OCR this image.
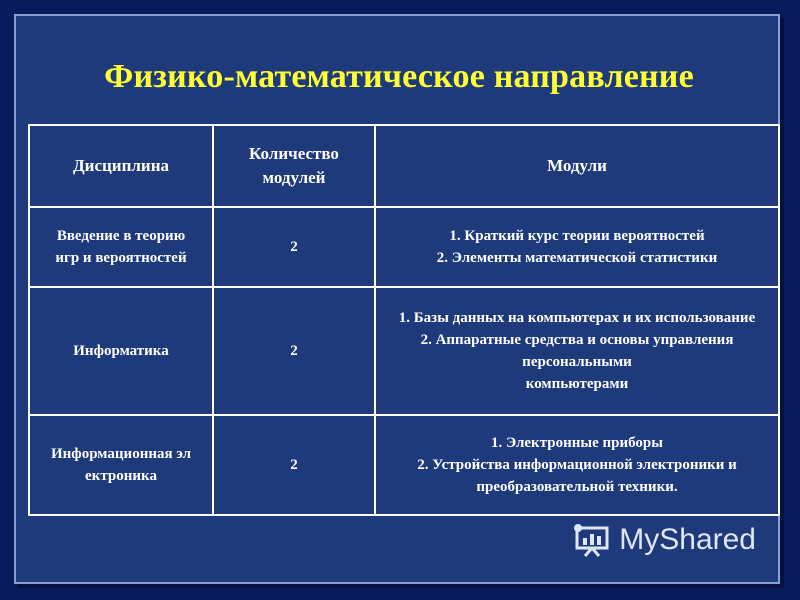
Физико-математическое направление
Дисциплина	Количество модулей	Модули
Введение в теорию игр и вероятностей	2	1. Краткий курс теории вероятностей
2. Элементы математической статистики

Информатика	2	1. Базы данных на компьютерах и их использование
2. Аппаратные средства и основы управления персональными
компьютерами

Информационная электроника	2	1. Электронные приборы
2. Устройства информационной электроники и преобразовательной техники.
MyShared
